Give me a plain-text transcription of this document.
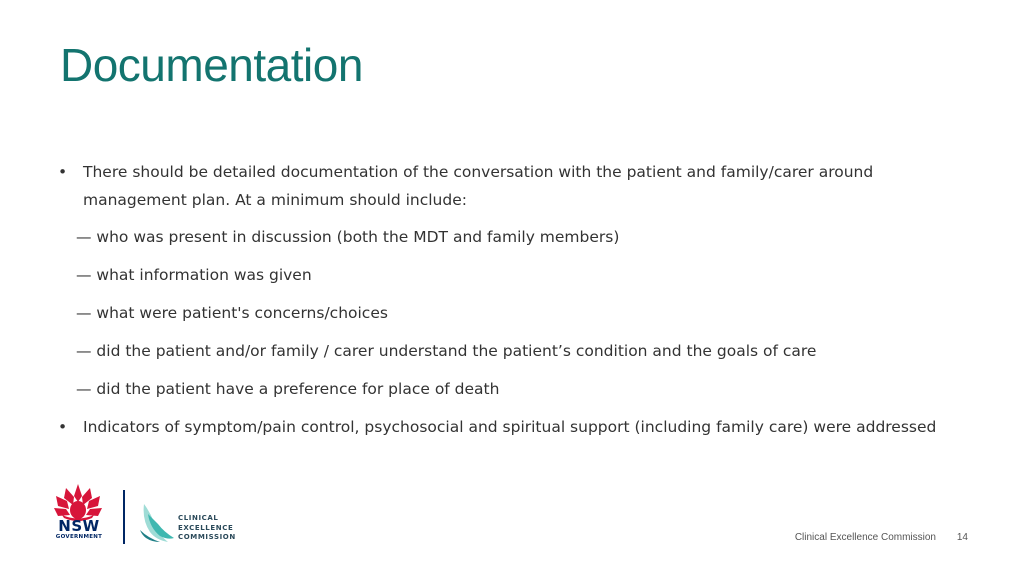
Documentation
• There should be detailed documentation of the conversation with the patient and family/carer around management plan. At a minimum should include:
— who was present in discussion (both the MDT and family members)
— what information was given
— what were patient's concerns/choices
— did the patient and/or family / carer understand the patient’s condition and the goals of care
— did the patient have a preference for place of death
• Indicators of symptom/pain control, psychosocial and spiritual support (including family care) were addressed
NSW
GOVERNMENT
CLINICAL
EXCELLENCE
COMMISSION	Clinical Excellence Commission 14
